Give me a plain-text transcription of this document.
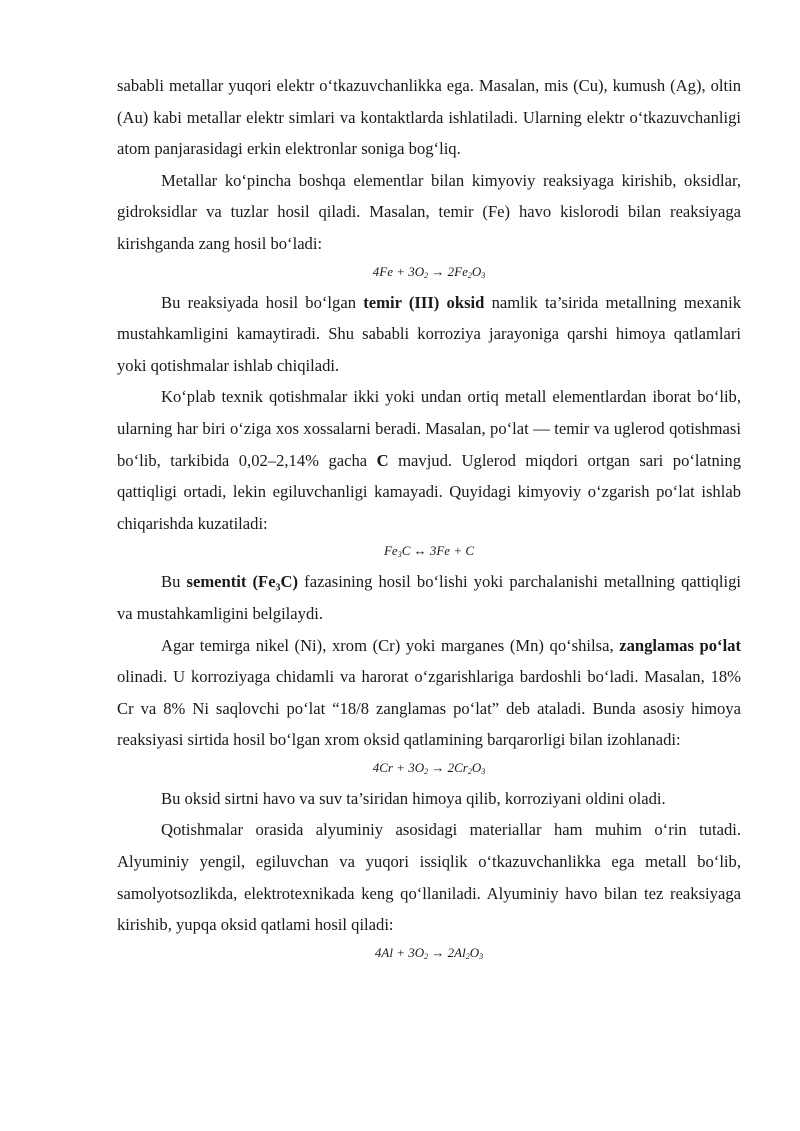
sababli metallar yuqori elektr o‘tkazuvchanlikka ega. Masalan, mis (Cu), kumush (Ag), oltin (Au) kabi metallar elektr simlari va kontaktlarda ishlatiladi. Ularning elektr o‘tkazuvchanligi atom panjarasidagi erkin elektronlar soniga bog‘liq.

Metallar ko‘pincha boshqa elementlar bilan kimyoviy reaksiyaga kirishib, oksidlar, gidroksidlar va tuzlar hosil qiladi. Masalan, temir (Fe) havo kislorodi bilan reaksiyaga kirishganda zang hosil bo‘ladi:

$4Fe + 3O_2 \to 2Fe_2O_3$

Bu reaksiyada hosil bo‘lgan temir (III) oksid namlik ta’sirida metallning mexanik mustahkamligini kamaytiradi. Shu sababli korroziya jarayoniga qarshi himoya qatlamlari yoki qotishmalar ishlab chiqiladi.

Ko‘plab texnik qotishmalar ikki yoki undan ortiq metall elementlardan iborat bo‘lib, ularning har biri o‘ziga xos xossalarni beradi. Masalan, po‘lat — temir va uglerod qotishmasi bo‘lib, tarkibida 0,02–2,14% gacha C mavjud. Uglerod miqdori ortgan sari po‘latning qattiqligi ortadi, lekin egiluvchanligi kamayadi. Quyidagi kimyoviy o‘zgarish po‘lat ishlab chiqarishda kuzatiladi:

$Fe_3C$ ↔ 3Fe + C

Bu sementit (Fe₃C) fazasining hosil bo‘lishi yoki parchalanishi metallning qattiqligi va mustahkamligini belgilaydi.

Agar temirga nikel (Ni), xrom (Cr) yoki marganes (Mn) qo‘shilsa, zanglamas po‘lat olinadi. U korroziyaga chidamli va harorat o‘zgarishlariga bardoshli bo‘ladi. Masalan, 18% Cr va 8% Ni saqlovchi po‘lat “18/8 zanglamas po‘lat” deb ataladi. Bunda asosiy himoya reaksiyasi sirtida hosil bo‘lgan xrom oksid qatlamining barqarorligi bilan izohlanadi:

$4Cr + 3O_2 \to 2Cr_2O_3$

Bu oksid sirtni havo va suv ta’siridan himoya qilib, korroziyani oldini oladi.

Qotishmalar orasida alyuminiy asosidagi materiallar ham muhim o‘rin tutadi. Alyuminiy yengil, egiluvchan va yuqori issiqlik o‘tkazuvchanlikka ega metall bo‘lib, samolyotsozlikda, elektrotexnikada keng qo‘llaniladi. Alyuminiy havo bilan tez reaksiyaga kirishib, yupqa oksid qatlami hosil qiladi:

$4Al + 3O_2 \to 2Al_2O_3$
